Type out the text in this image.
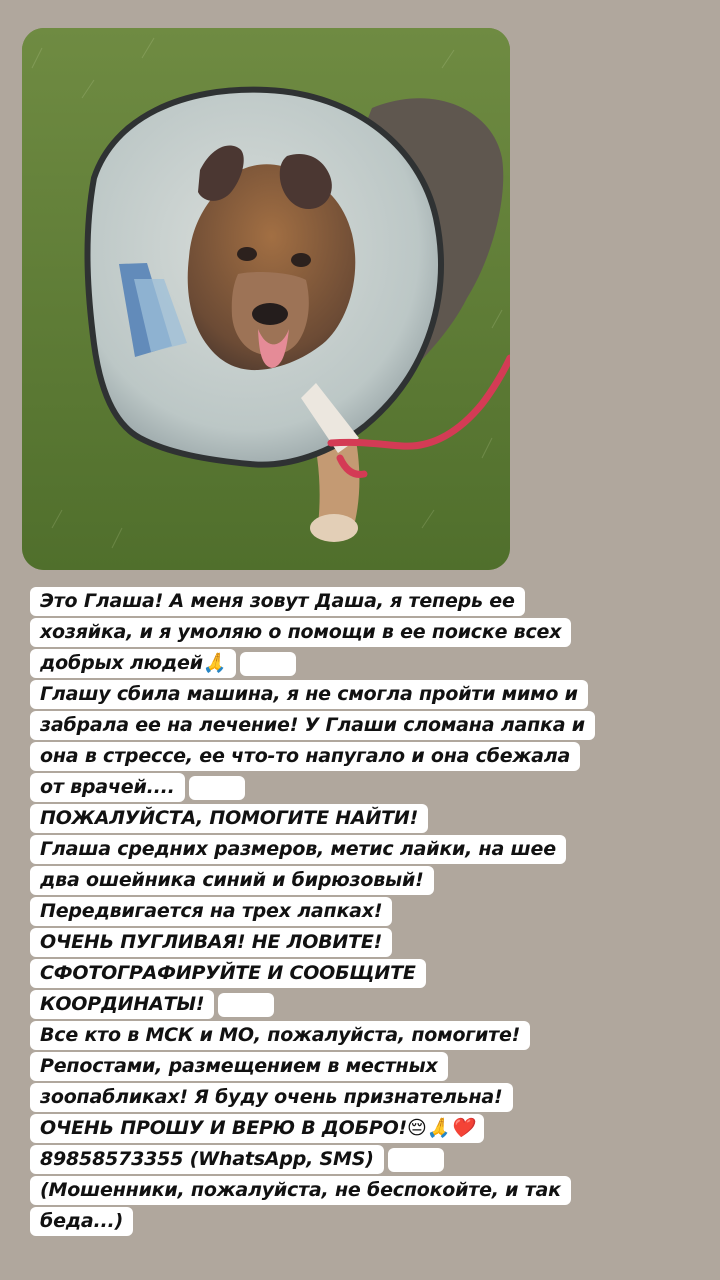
Это Глаша! А меня зовут Даша, я теперь ее
хозяйка, и я умоляю о помощи в ее поиске всех
добрых людей🙏
Глашу сбила машина, я не смогла пройти мимо и
забрала ее на лечение! У Глаши сломана лапка и
она в стрессе, ее что-то напугало и она сбежала
от врачей....
ПОЖАЛУЙСТА, ПОМОГИТЕ НАЙТИ!
Глаша средних размеров, метис лайки, на шее
два ошейника синий и бирюзовый!
Передвигается на трех лапках!
ОЧЕНЬ ПУГЛИВАЯ! НЕ ЛОВИТЕ!
СФОТОГРАФИРУЙТЕ И СООБЩИТЕ
КООРДИНАТЫ!
Все кто в МСК и МО, пожалуйста, помогите!
Репостами, размещением в местных
зоопабликах! Я буду очень признательна!
ОЧЕНЬ ПРОШУ И ВЕРЮ В ДОБРО!😔🙏❤️
89858573355 (WhatsApp, SMS)
(Мошенники, пожалуйста, не беспокойте, и так
беда...)
